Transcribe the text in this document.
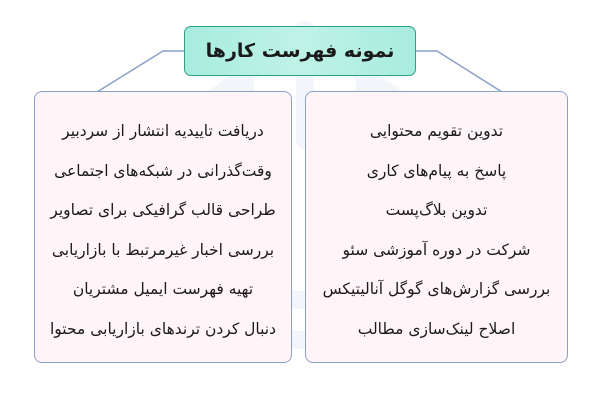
نمونه فهرست کارها
دریافت تاییدیه انتشار از سردبیر
وقت‌گذرانی در شبکه‌های اجتماعی
طراحی قالب گرافیکی برای تصاویر
بررسی اخبار غیرمرتبط با بازاریابی
تهیه فهرست ایمیل مشتریان
دنبال کردن ترندهای بازاریابی محتوا
تدوین تقویم محتوایی
پاسخ به پیام‌های کاری
تدوین بلاگ‌پست
شرکت در دوره آموزشی سئو
بررسی گزارش‌های گوگل آنالیتیکس
اصلاح لینک‌سازی مطالب
